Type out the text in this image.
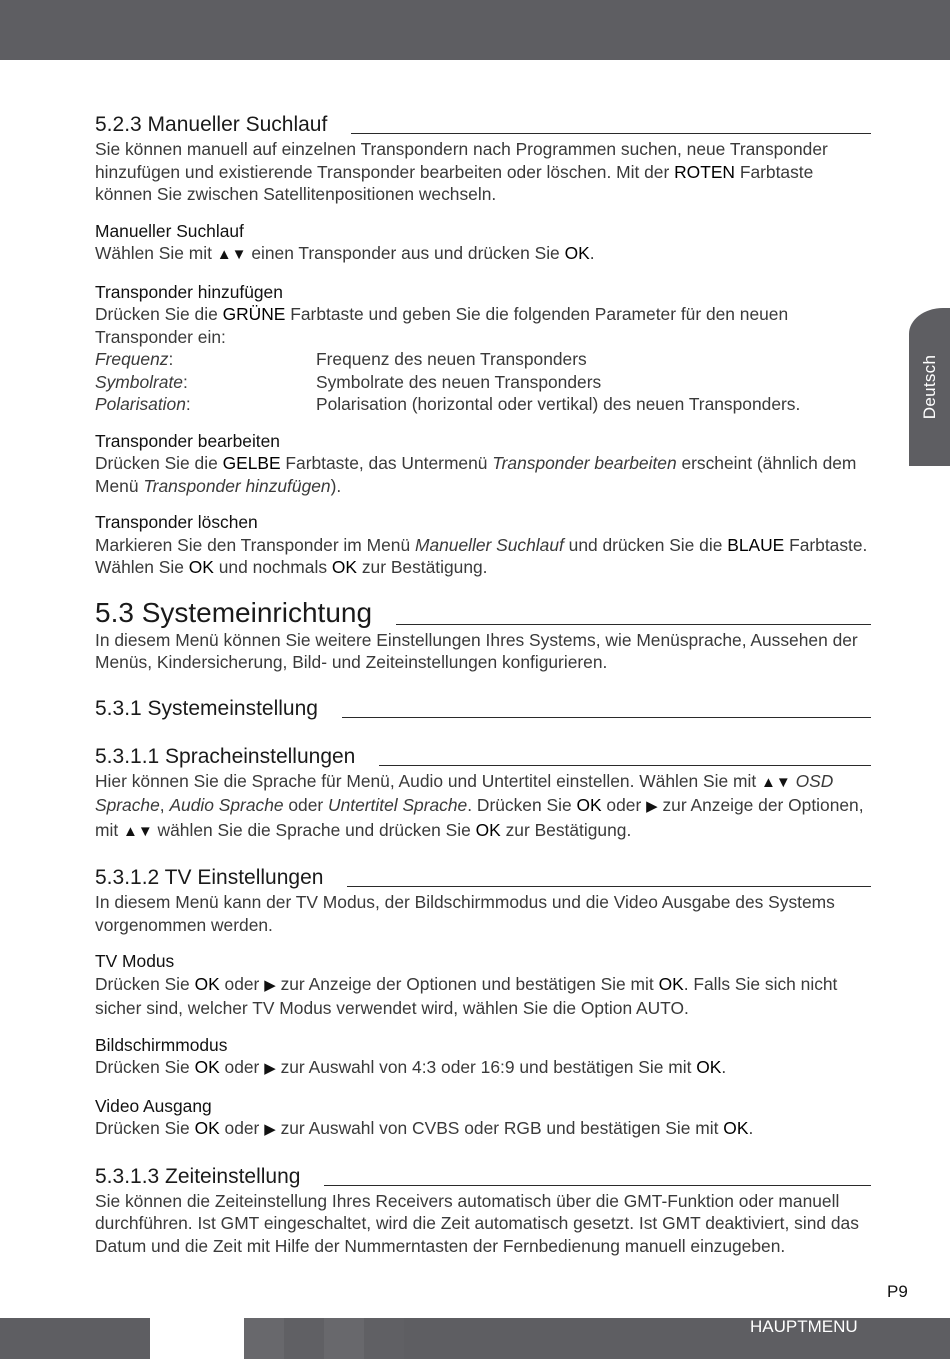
Deutsch
5.2.3 Manueller Suchlauf

Sie können manuell auf einzelnen Transpondern nach Programmen suchen, neue Transponder hinzufügen und existierende Transponder bearbeiten oder löschen. Mit der ROTEN Farbtaste können Sie zwischen Satellitenpositionen wechseln.

Manueller Suchlauf

Wählen Sie mit ▲▼ einen Transponder aus und drücken Sie OK.

Transponder hinzufügen

Drücken Sie die GRÜNE Farbtaste und geben Sie die folgenden Parameter für den neuen Transponder ein:

Frequenz:	Frequenz des neuen Transponders
Symbolrate:	Symbolrate des neuen Transponders
Polarisation:	Polarisation (horizontal oder vertikal) des neuen Transponders.
Transponder bearbeiten

Drücken Sie die GELBE Farbtaste, das Untermenü Transponder bearbeiten erscheint (ähnlich dem Menü Transponder hinzufügen).

Transponder löschen

Markieren Sie den Transponder im Menü Manueller Suchlauf und drücken Sie die BLAUE Farbtaste. Wählen Sie OK und nochmals OK zur Bestätigung.

5.3 Systemeinrichtung

In diesem Menü können Sie weitere Einstellungen Ihres Systems, wie Menüsprache, Aussehen der Menüs, Kindersicherung, Bild- und Zeiteinstellungen konfigurieren.

5.3.1 Systemeinstellung
5.3.1.1 Spracheinstellungen

Hier können Sie die Sprache für Menü, Audio und Untertitel einstellen. Wählen Sie mit ▲▼ OSD Sprache, Audio Sprache oder Untertitel Sprache. Drücken Sie OK oder ▶ zur Anzeige der Optionen, mit ▲▼ wählen Sie die Sprache und drücken Sie OK zur Bestätigung.

5.3.1.2 TV Einstellungen

In diesem Menü kann der TV Modus, der Bildschirmmodus und die Video Ausgabe des Systems vorgenommen werden.

TV Modus

Drücken Sie OK oder ▶ zur Anzeige der Optionen und bestätigen Sie mit OK. Falls Sie sich nicht sicher sind, welcher TV Modus verwendet wird, wählen Sie die Option AUTO.

Bildschirmmodus

Drücken Sie OK oder ▶ zur Auswahl von 4:3 oder 16:9 und bestätigen Sie mit OK.

Video Ausgang

Drücken Sie OK oder ▶ zur Auswahl von CVBS oder RGB und bestätigen Sie mit OK.

5.3.1.3 Zeiteinstellung

Sie können die Zeiteinstellung Ihres Receivers automatisch über die GMT-Funktion oder manuell durchführen. Ist GMT eingeschaltet, wird die Zeit automatisch gesetzt. Ist GMT deaktiviert, sind das Datum und die Zeit mit Hilfe der Nummerntasten der Fernbedienung manuell einzugeben.

P9
HAUPTMENU
